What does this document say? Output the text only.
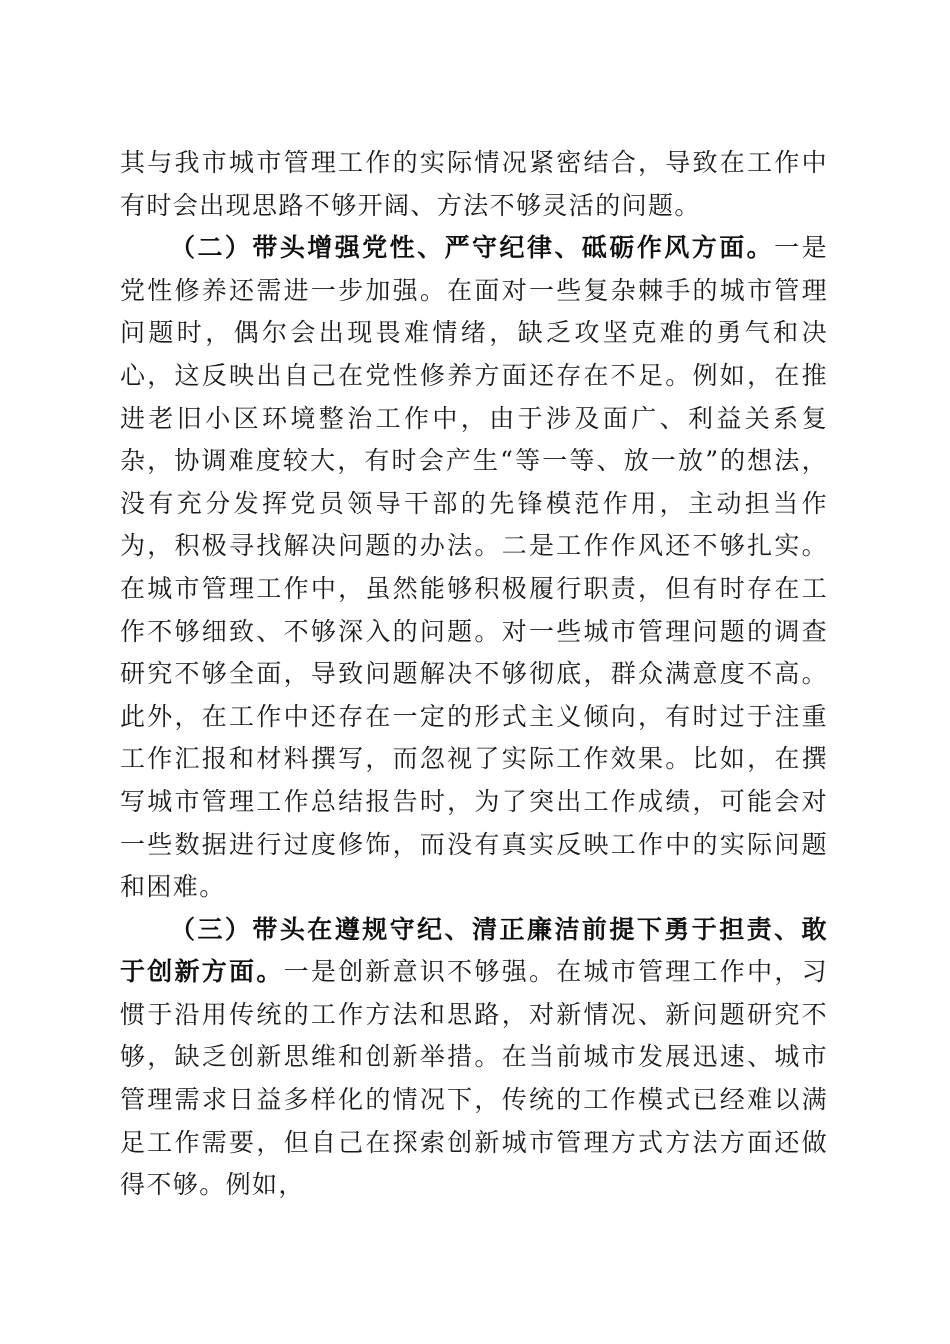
其与我市城市管理工作的实际情况紧密结合，导致在工作中有时会出现思路不够开阔、方法不够灵活的问题。

（二）带头增强党性、严守纪律、砥砺作风方面。一是党性修养还需进一步加强。在面对一些复杂棘手的城市管理问题时，偶尔会出现畏难情绪，缺乏攻坚克难的勇气和决心，这反映出自己在党性修养方面还存在不足。例如，在推进老旧小区环境整治工作中，由于涉及面广、利益关系复杂，协调难度较大，有时会产生“等一等、放一放”的想法，没有充分发挥党员领导干部的先锋模范作用，主动担当作为，积极寻找解决问题的办法。二是工作作风还不够扎实。在城市管理工作中，虽然能够积极履行职责，但有时存在工作不够细致、不够深入的问题。对一些城市管理问题的调查研究不够全面，导致问题解决不够彻底，群众满意度不高。此外，在工作中还存在一定的形式主义倾向，有时过于注重工作汇报和材料撰写，而忽视了实际工作效果。比如，在撰写城市管理工作总结报告时，为了突出工作成绩，可能会对一些数据进行过度修饰，而没有真实反映工作中的实际问题和困难。

（三）带头在遵规守纪、清正廉洁前提下勇于担责、敢于创新方面。一是创新意识不够强。在城市管理工作中，习惯于沿用传统的工作方法和思路，对新情况、新问题研究不够，缺乏创新思维和创新举措。在当前城市发展迅速、城市管理需求日益多样化的情况下，传统的工作模式已经难以满足工作需要，但自己在探索创新城市管理方式方法方面还做得不够。例如，
